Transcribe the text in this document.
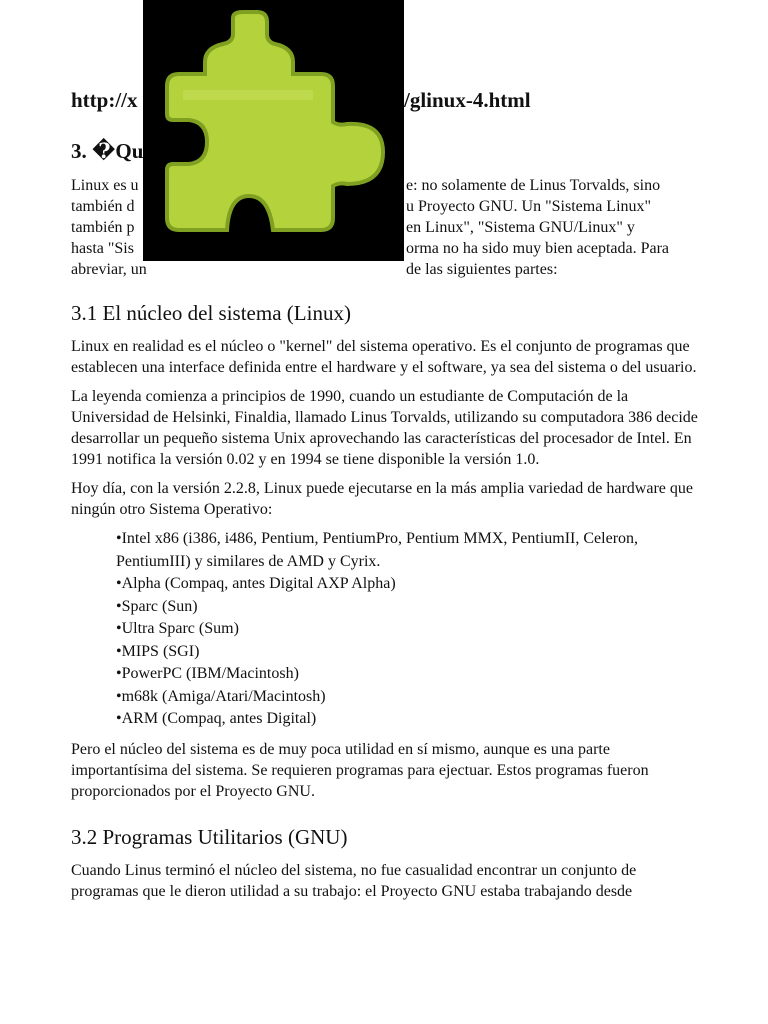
http://x	/glinux-4.html
3. �Qu
Linux es u	e: no solamente de Linus Torvalds, sino
también d	u Proyecto GNU. Un "Sistema Linux"
también p	en Linux", "Sistema GNU/Linux" y
hasta "Sis	orma no ha sido muy bien aceptada. Para
abreviar, un	de las siguientes partes:
3.1 El núcleo del sistema (Linux)

Linux en realidad es el núcleo o "kernel" del sistema operativo. Es el conjunto de programas que establecen una interface definida entre el hardware y el software, ya sea del sistema o del usuario.

La leyenda comienza a principios de 1990, cuando un estudiante de Computación de la Universidad de Helsinki, Finaldia, llamado Linus Torvalds, utilizando su computadora 386 decide desarrollar un pequeño sistema Unix aprovechando las características del procesador de Intel. En 1991 notifica la versión 0.02 y en 1994 se tiene disponible la versión 1.0.

Hoy día, con la versión 2.2.8, Linux puede ejecutarse en la más amplia variedad de hardware que ningún otro Sistema Operativo:

•Intel x86 (i386, i486, Pentium, PentiumPro, Pentium MMX, PentiumII, Celeron, PentiumIII) y similares de AMD y Cyrix.
•Alpha (Compaq, antes Digital AXP Alpha)
•Sparc (Sun)
•Ultra Sparc (Sum)
•MIPS (SGI)
•PowerPC (IBM/Macintosh)
•m68k (Amiga/Atari/Macintosh)
•ARM (Compaq, antes Digital)

Pero el núcleo del sistema es de muy poca utilidad en sí mismo, aunque es una parte importantísima del sistema. Se requieren programas para ejectuar. Estos programas fueron proporcionados por el Proyecto GNU.

3.2 Programas Utilitarios (GNU)

Cuando Linus terminó el núcleo del sistema, no fue casualidad encontrar un conjunto de programas que le dieron utilidad a su trabajo: el Proyecto GNU estaba trabajando desde
